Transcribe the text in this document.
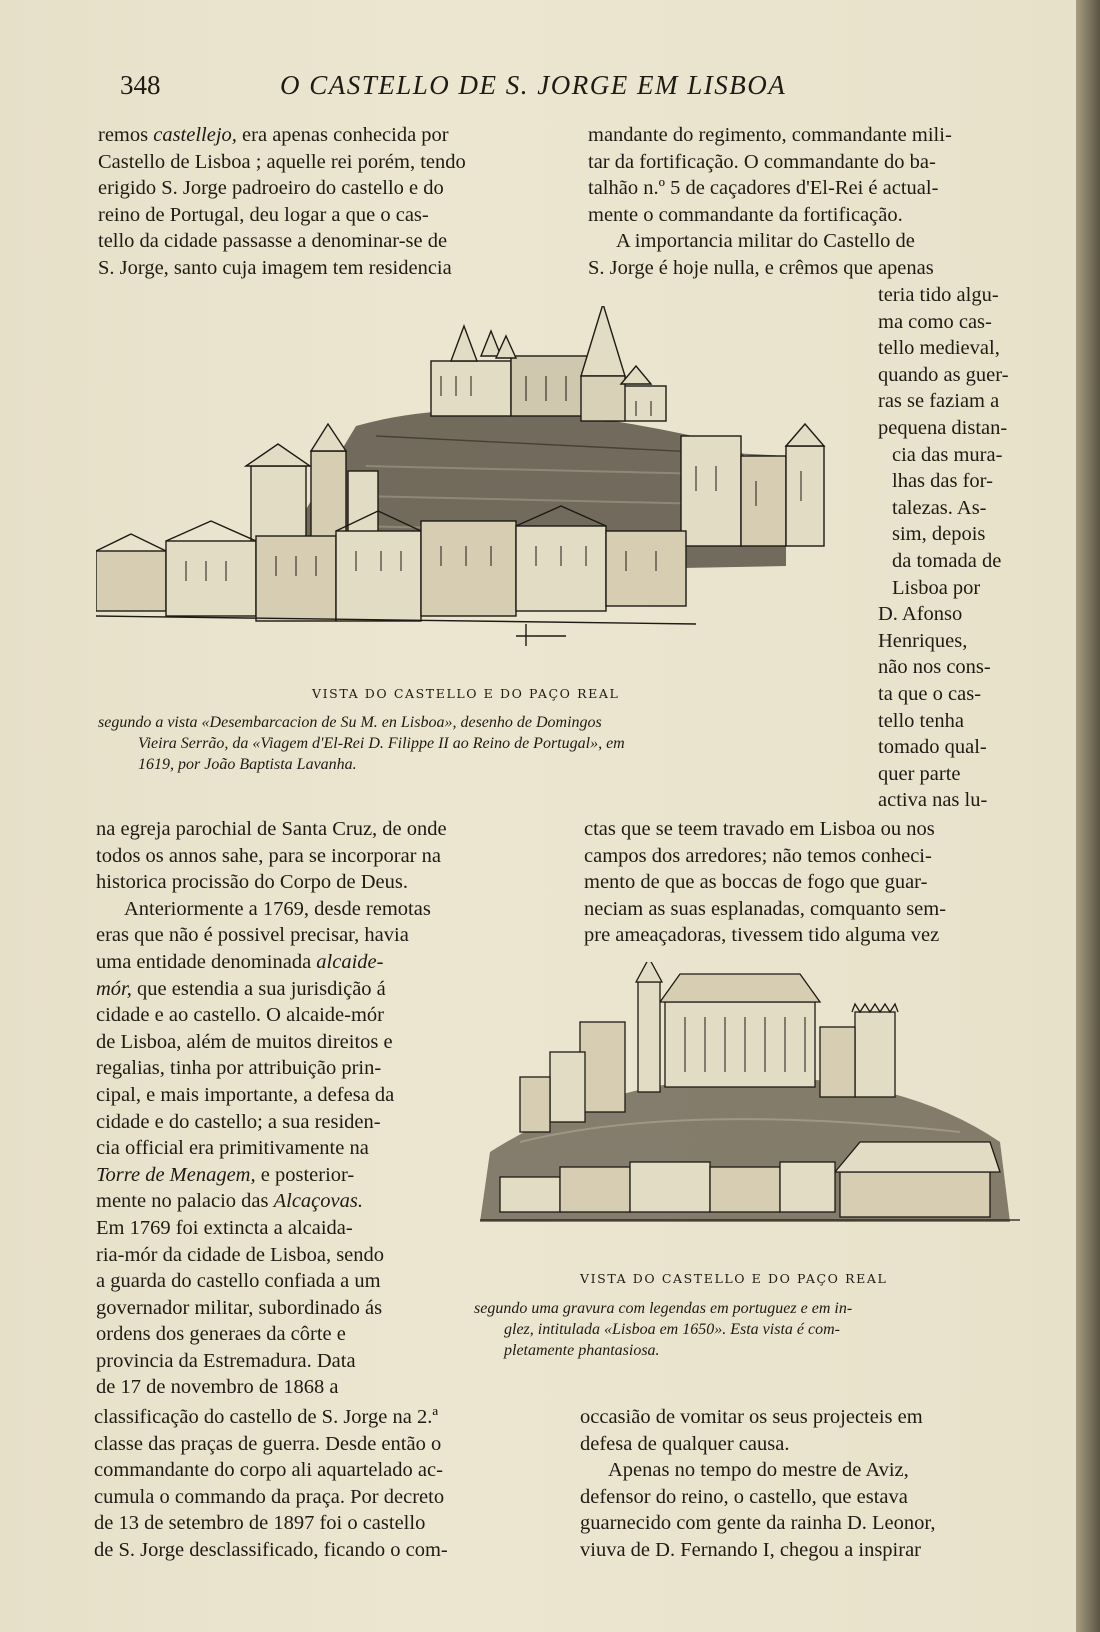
348	O CASTELLO DE S. JORGE EM LISBOA
remos castellejo, era apenas conhecida por
Castello de Lisboa ; aquelle rei porém, tendo
erigido S. Jorge padroeiro do castello e do
reino de Portugal, deu logar a que o cas-
tello da cidade passasse a denominar-se de
S. Jorge, santo cuja imagem tem residencia
mandante do regimento, commandante mili-
tar da fortificação. O commandante do ba-
talhão n.º 5 de caçadores d'El-Rei é actual-
mente o commandante da fortificação.
A importancia militar do Castello de
S. Jorge é hoje nulla, e crêmos que apenas
teria tido algu-
ma como cas-
tello medieval,
quando as guer-
ras se faziam a
pequena distan-
cia das mura-
lhas das for-
talezas. As-
sim, depois
da tomada de
Lisboa por
D. Afonso
Henriques,
não nos cons-
ta que o cas-
tello tenha
tomado qual-
quer parte
activa nas lu-
VISTA DO CASTELLO E DO PAÇO REAL
segundo a vista «Desembarcacion de Su M. en Lisboa», desenho de Domingos
Vieira Serrão, da «Viagem d'El-Rei D. Filippe II ao Reino de Portugal», em
1619, por João Baptista Lavanha.
na egreja parochial de Santa Cruz, de onde
todos os annos sahe, para se incorporar na
historica procissão do Corpo de Deus.
Anteriormente a 1769, desde remotas
eras que não é possivel precisar, havia
uma entidade denominada alcaide-
mór, que estendia a sua jurisdição á
cidade e ao castello. O alcaide-mór
de Lisboa, além de muitos direitos e
regalias, tinha por attribuição prin-
cipal, e mais importante, a defesa da
cidade e do castello; a sua residen-
cia official era primitivamente na
Torre de Menagem, e posterior-
mente no palacio das Alcaçovas.
Em 1769 foi extincta a alcaida-
ria-mór da cidade de Lisboa, sendo
a guarda do castello confiada a um
governador militar, subordinado ás
ordens dos generaes da côrte e
provincia da Estremadura. Data
de 17 de novembro de 1868 a
ctas que se teem travado em Lisboa ou nos
campos dos arredores; não temos conheci-
mento de que as boccas de fogo que guar-
neciam as suas esplanadas, comquanto sem-
pre ameaçadoras, tivessem tido alguma vez
VISTA DO CASTELLO E DO PAÇO REAL
segundo uma gravura com legendas em portuguez e em in-
glez, intitulada «Lisboa em 1650». Esta vista é com-
pletamente phantasiosa.
classificação do castello de S. Jorge na 2.ª
classe das praças de guerra. Desde então o
commandante do corpo ali aquartelado ac-
cumula o commando da praça. Por decreto
de 13 de setembro de 1897 foi o castello
de S. Jorge desclassificado, ficando o com-
occasião de vomitar os seus projecteis em
defesa de qualquer causa.
Apenas no tempo do mestre de Aviz,
defensor do reino, o castello, que estava
guarnecido com gente da rainha D. Leonor,
viuva de D. Fernando I, chegou a inspirar
